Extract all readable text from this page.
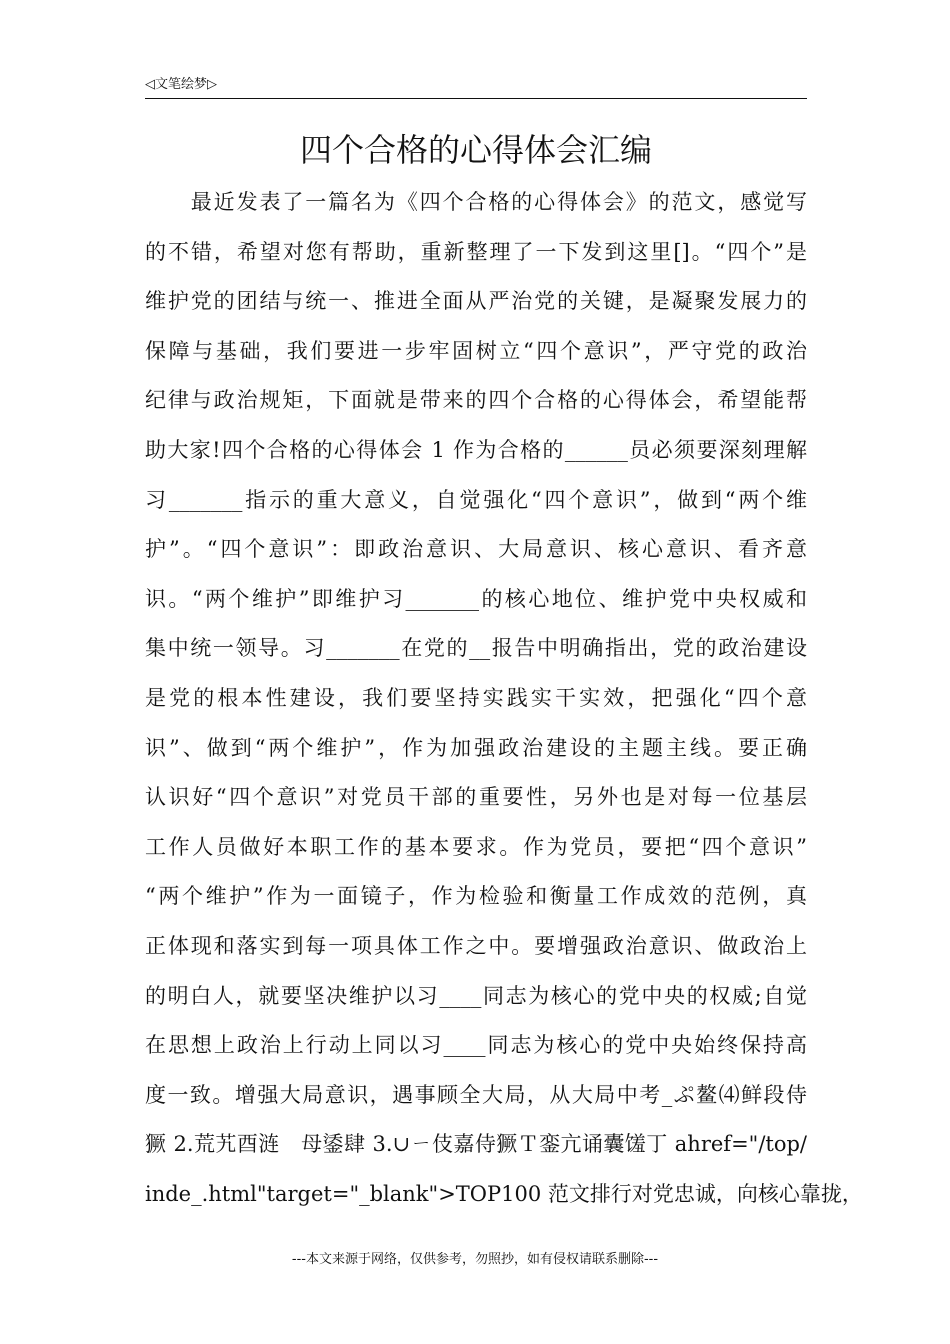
◁文笔绘梦▷
四个合格的心得体会汇编
　　最近发表了一篇名为《四个合格的心得体会》的范文，感觉写
的不错，希望对您有帮助，重新整理了一下发到这里[]。“四个”是
维护党的团结与统一、推进全面从严治党的关键，是凝聚发展力的
保障与基础，我们要进一步牢固树立“四个意识”，严守党的政治
纪律与政治规矩，下面就是带来的四个合格的心得体会，希望能帮
助大家!四个合格的心得体会 1 作为合格的______员必须要深刻理解
习_______指示的重大意义，自觉强化“四个意识”，做到“两个维
护”。“四个意识”：即政治意识、大局意识、核心意识、看齐意
识。“两个维护”即维护习_______的核心地位、维护党中央权威和
集中统一领导。习_______在党的__报告中明确指出，党的政治建设
是党的根本性建设，我们要坚持实践实干实效，把强化“四个意
识”、做到“两个维护”，作为加强政治建设的主题主线。要正确
认识好“四个意识”对党员干部的重要性，另外也是对每一位基层
工作人员做好本职工作的基本要求。作为党员，要把“四个意识”
“两个维护”作为一面镜子，作为检验和衡量工作成效的范例，真
正体现和落实到每一项具体工作之中。要增强政治意识、做政治上
的明白人，就要坚决维护以习____同志为核心的党中央的权威;自觉
在思想上政治上行动上同以习____同志为核心的党中央始终保持高
度一致。增强大局意识，遇事顾全大局，从大局中考_ぷ鳌⑷鲜段侍
獗 2.荒艽酉涟　母鋈肆 3.∪ㄧ伎嘉侍獗Ｔ銮亢诵囊馐丁 ahref="/top/
inde_.html"target="_blank">TOP100 范文排行对党忠诚，向核心靠拢，
---本文来源于网络，仅供参考，勿照抄，如有侵权请联系删除---
